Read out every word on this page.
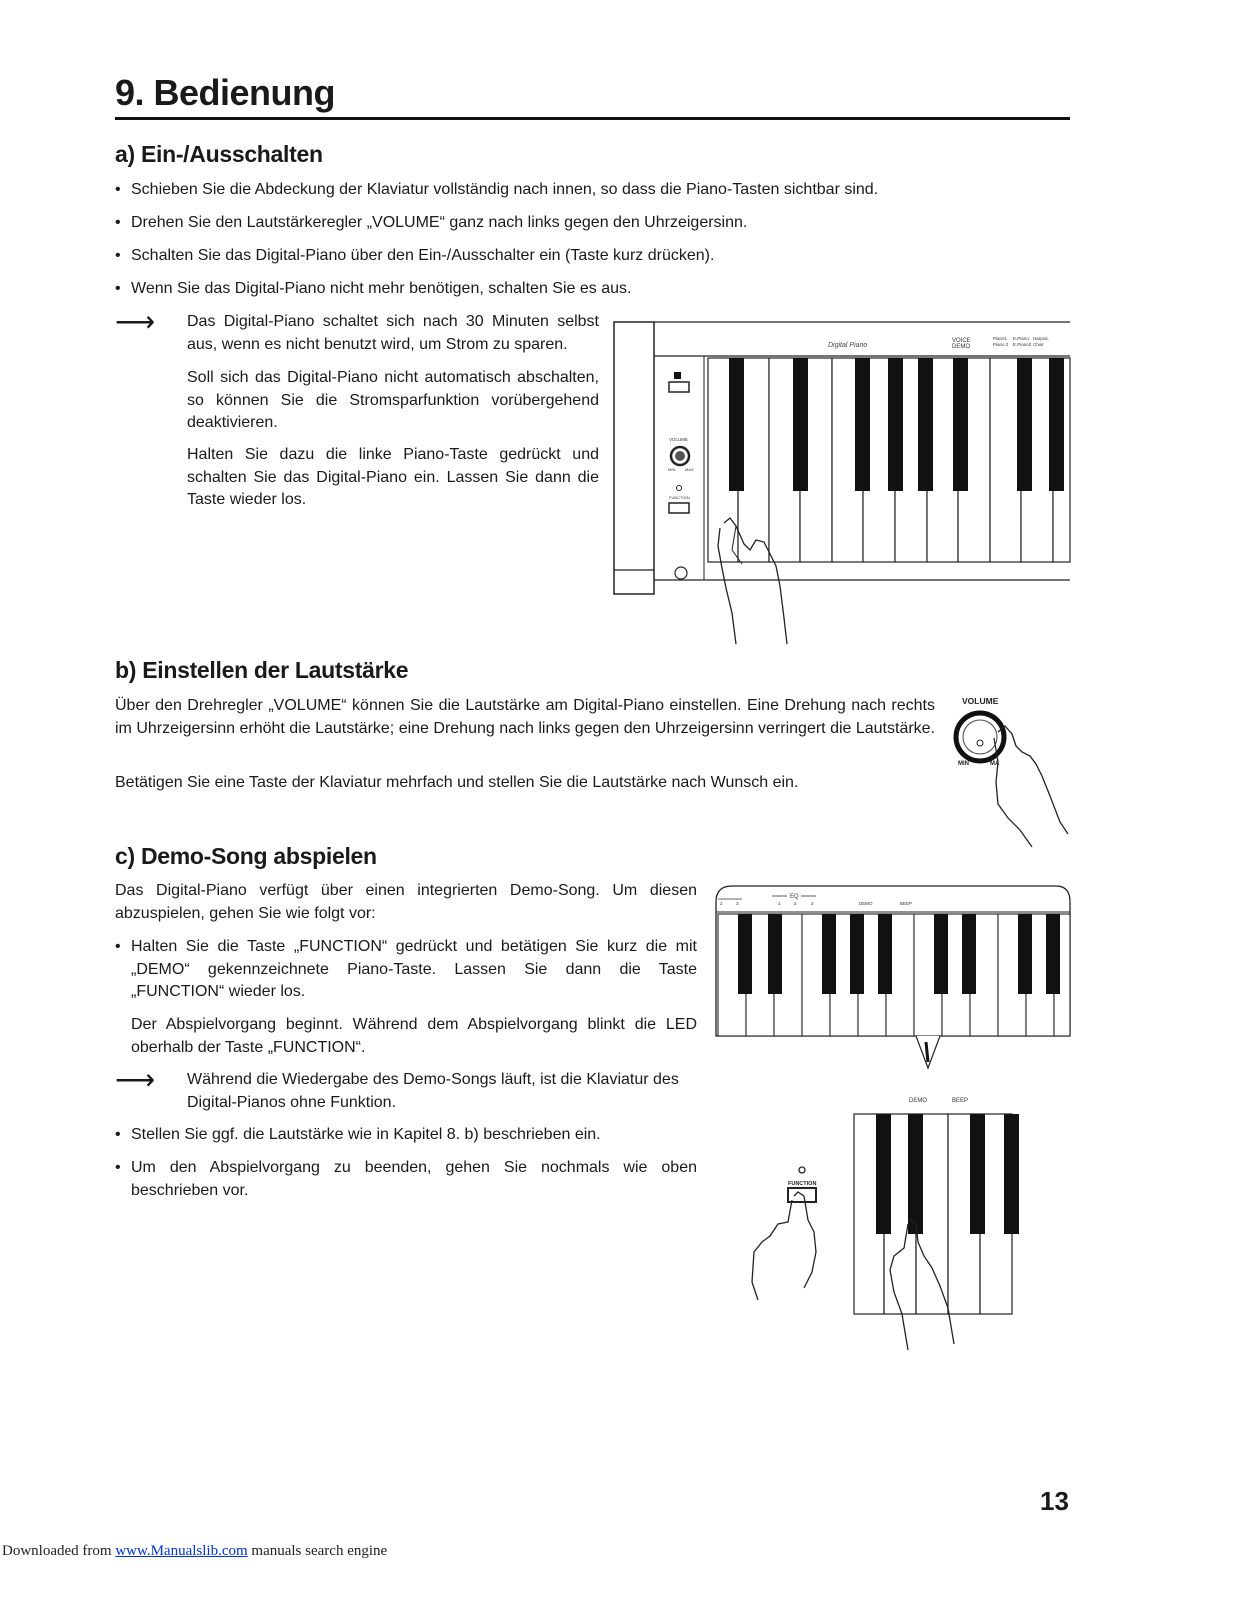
9. Bedienung
a) Ein-/Ausschalten
• Schieben Sie die Abdeckung der Klaviatur vollständig nach innen, so dass die Piano-Tasten sichtbar sind.
• Drehen Sie den Lautstärkeregler „VOLUME“ ganz nach links gegen den Uhrzeigersinn.
• Schalten Sie das Digital-Piano über den Ein-/Ausschalter ein (Taste kurz drücken).
• Wenn Sie das Digital-Piano nicht mehr benötigen, schalten Sie es aus.
⟶ Das Digital-Piano schaltet sich nach 30 Minuten selbst aus, wenn es nicht benutzt wird, um Strom zu sparen.
Soll sich das Digital-Piano nicht automatisch abschalten, so können Sie die Stromsparfunktion vorübergehend deaktivieren.
Halten Sie dazu die linke Piano-Taste gedrückt und schalten Sie das Digital-Piano ein. Lassen Sie dann die Taste wieder los.
Digital Piano
VOICE
DEMO
Piano1
Piano 2
E.Piano
E.Piano2
Harpsic.
Choir
VOLUME
MIN MAX
FUNCTION
b) Einstellen der Lautstärke
Über den Drehregler „VOLUME“ können Sie die Lautstärke am Digital-Piano einstellen. Eine Drehung nach rechts im Uhrzeigersinn erhöht die Lautstärke; eine Drehung nach links gegen den Uhrzeigersinn verringert die Lautstärke.
Betätigen Sie eine Taste der Klaviatur mehrfach und stellen Sie die Lautstärke nach Wunsch ein.
VOLUME
MIN	MA
c) Demo-Song abspielen
Das Digital-Piano verfügt über einen integrierten Demo-Song. Um diesen abzuspielen, gehen Sie wie folgt vor:
• Halten Sie die Taste „FUNCTION“ gedrückt und betätigen Sie kurz die mit „DEMO“ gekennzeichnete Piano-Taste. Lassen Sie dann die Taste „FUNCTION“ wieder los.
Der Abspielvorgang beginnt. Während dem Abspielvorgang blinkt die LED oberhalb der Taste „FUNCTION“.
⟶ Während die Wiedergabe des Demo-Songs läuft, ist die Klaviatur des Digital-Pianos ohne Funktion.
• Stellen Sie ggf. die Lautstärke wie in Kapitel 8. b) beschrieben ein.
• Um den Abspielvorgang zu beenden, gehen Sie nochmals wie oben beschrieben vor.
EQ
2	3	1	2	3	DEMO	BEEP
DEMO	BEEP
FUNCTION
13
Downloaded from www.Manualslib.com manuals search engine
